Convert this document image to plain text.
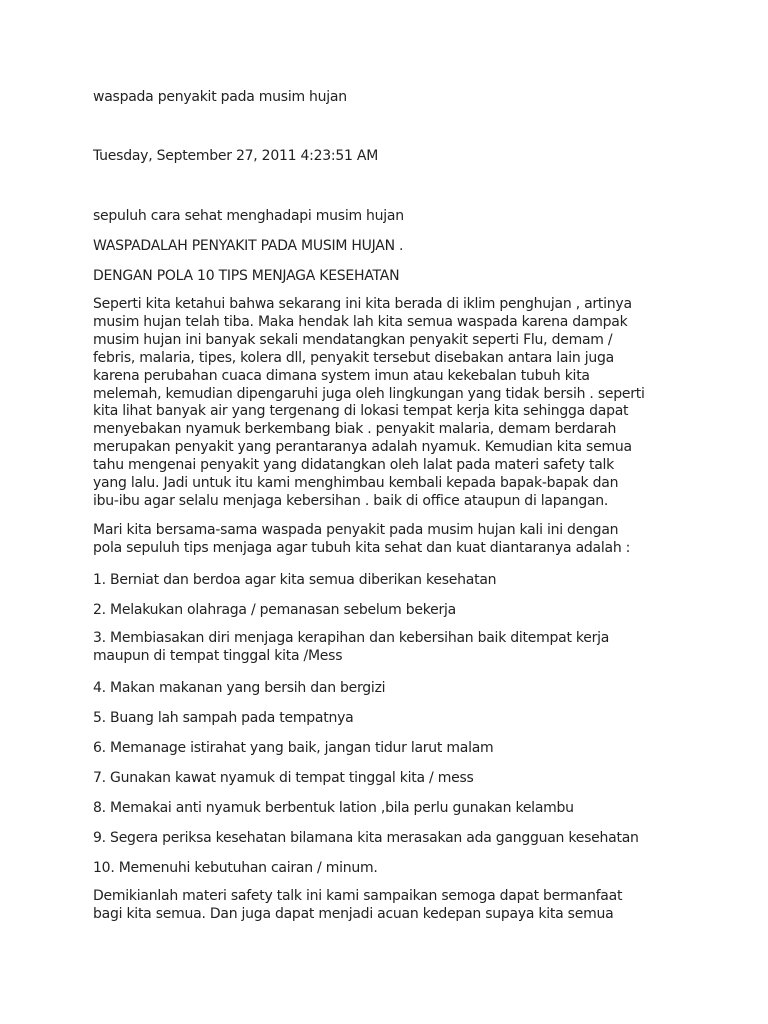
waspada penyakit pada musim hujan

Tuesday, September 27, 2011 4:23:51 AM

sepuluh cara sehat menghadapi musim hujan

WASPADALAH PENYAKIT PADA MUSIM HUJAN .

DENGAN POLA 10 TIPS MENJAGA KESEHATAN

Seperti kita ketahui bahwa sekarang ini kita berada di iklim penghujan , artinya
musim hujan telah tiba. Maka hendak lah kita semua waspada karena dampak
musim hujan ini banyak sekali mendatangkan penyakit seperti Flu, demam /
febris, malaria, tipes, kolera dll, penyakit tersebut disebakan antara lain juga
karena perubahan cuaca dimana system imun atau kekebalan tubuh kita
melemah, kemudian dipengaruhi juga oleh lingkungan yang tidak bersih . seperti
kita lihat banyak air yang tergenang di lokasi tempat kerja kita sehingga dapat
menyebakan nyamuk berkembang biak . penyakit malaria, demam berdarah
merupakan penyakit yang perantaranya adalah nyamuk. Kemudian kita semua
tahu mengenai penyakit yang didatangkan oleh lalat pada materi safety talk
yang lalu. Jadi untuk itu kami menghimbau kembali kepada bapak-bapak dan
ibu-ibu agar selalu menjaga kebersihan . baik di office ataupun di lapangan.
Mari kita bersama-sama waspada penyakit pada musim hujan kali ini dengan
pola sepuluh tips menjaga agar tubuh kita sehat dan kuat diantaranya adalah :

1. Berniat dan berdoa agar kita semua diberikan kesehatan

2. Melakukan olahraga / pemanasan sebelum bekerja

3. Membiasakan diri menjaga kerapihan dan kebersihan baik ditempat kerja
maupun di tempat tinggal kita /Mess

4. Makan makanan yang bersih dan bergizi

5. Buang lah sampah pada tempatnya

6. Memanage istirahat yang baik, jangan tidur larut malam

7. Gunakan kawat nyamuk di tempat tinggal kita / mess

8. Memakai anti nyamuk berbentuk lation ,bila perlu gunakan kelambu

9. Segera periksa kesehatan bilamana kita merasakan ada gangguan kesehatan

10. Memenuhi kebutuhan cairan / minum.

Demikianlah materi safety talk ini kami sampaikan semoga dapat bermanfaat
bagi kita semua. Dan juga dapat menjadi acuan kedepan supaya kita semua
